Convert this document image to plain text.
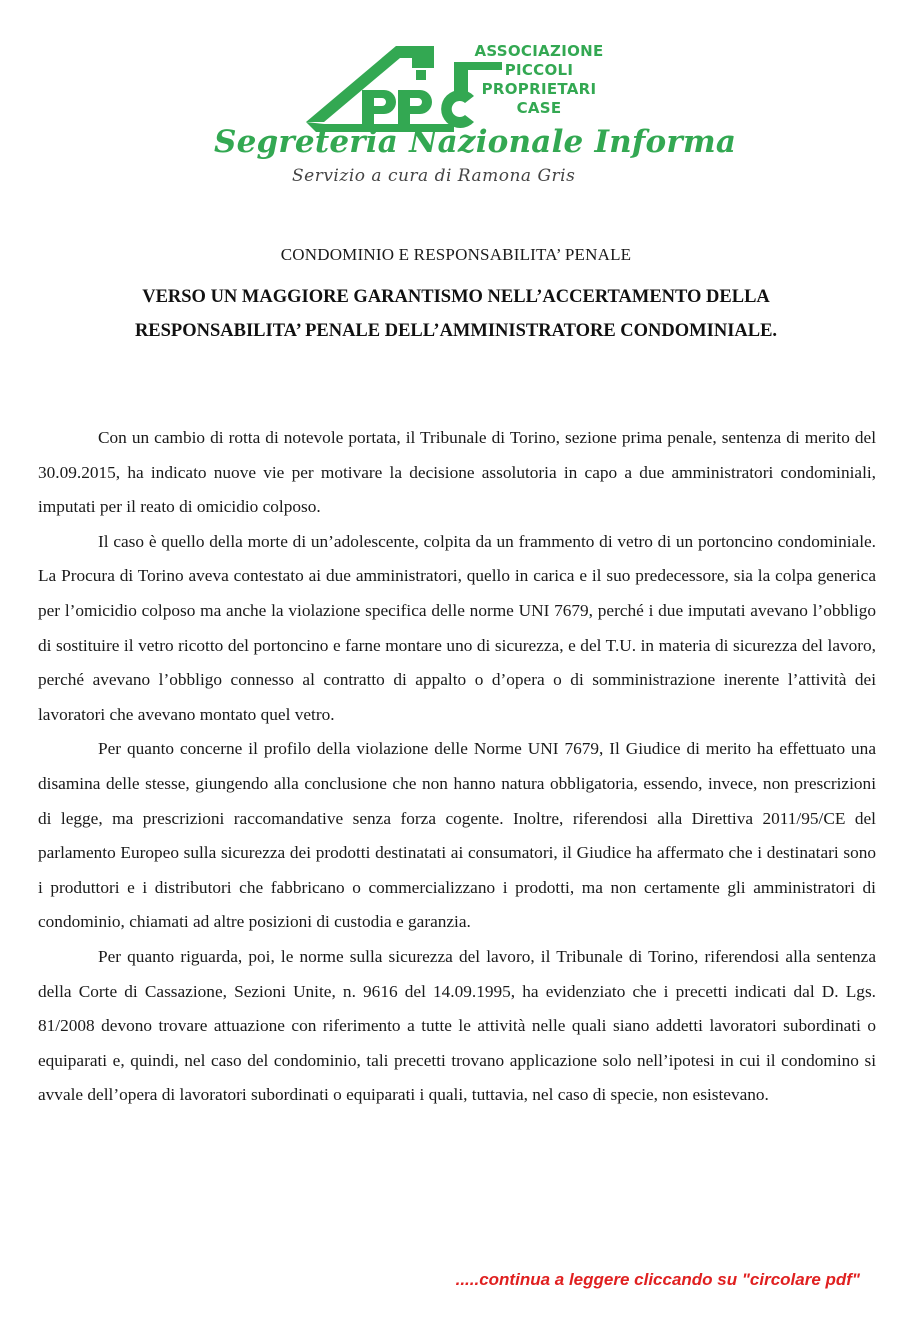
ASSOCIAZIONE
PICCOLI
PROPRIETARI
CASE
Segreteria Nazionale Informa
Servizio a cura di Ramona Gris
CONDOMINIO E RESPONSABILITA’ PENALE
VERSO UN MAGGIORE GARANTISMO NELL’ACCERTAMENTO DELLA
RESPONSABILITA’ PENALE DELL’AMMINISTRATORE CONDOMINIALE.

Con un cambio di rotta di notevole portata, il Tribunale di Torino, sezione prima penale, sentenza di merito del 30.09.2015, ha indicato nuove vie per motivare la decisione assolutoria in capo a due amministratori condominiali, imputati per il reato di omicidio colposo.

Il caso è quello della morte di un’adolescente, colpita da un frammento di vetro di un portoncino condominiale. La Procura di Torino aveva contestato ai due amministratori, quello in carica e il suo predecessore, sia la colpa generica per l’omicidio colposo ma anche la violazione specifica delle norme UNI 7679, perché i due imputati avevano l’obbligo di sostituire il vetro ricotto del portoncino e farne montare uno di sicurezza, e del T.U. in materia di sicurezza del lavoro, perché avevano l’obbligo connesso al contratto di appalto o d’opera o di somministrazione inerente l’attività dei lavoratori che avevano montato quel vetro.

Per quanto concerne il profilo della violazione delle Norme UNI 7679, Il Giudice di merito ha effettuato una disamina delle stesse, giungendo alla conclusione che non hanno natura obbligatoria, essendo, invece, non prescrizioni di legge, ma prescrizioni raccomandative senza forza cogente. Inoltre, riferendosi alla Direttiva 2011/95/CE del parlamento Europeo sulla sicurezza dei prodotti destinatati ai consumatori, il Giudice ha affermato che i destinatari sono i produttori e i distributori che fabbricano o commercializzano i prodotti, ma non certamente gli amministratori di condominio, chiamati ad altre posizioni di custodia e garanzia.

Per quanto riguarda, poi, le norme sulla sicurezza del lavoro, il Tribunale di Torino, riferendosi alla sentenza della Corte di Cassazione, Sezioni Unite, n. 9616 del 14.09.1995, ha evidenziato che i precetti indicati dal D. Lgs. 81/2008 devono trovare attuazione con riferimento a tutte le attività nelle quali siano addetti lavoratori subordinati o equiparati e, quindi, nel caso del condominio, tali precetti trovano applicazione solo nell’ipotesi in cui il condomino si avvale dell’opera di lavoratori subordinati o equiparati i quali, tuttavia, nel caso di specie, non esistevano.

.....continua a leggere cliccando su "circolare pdf"
